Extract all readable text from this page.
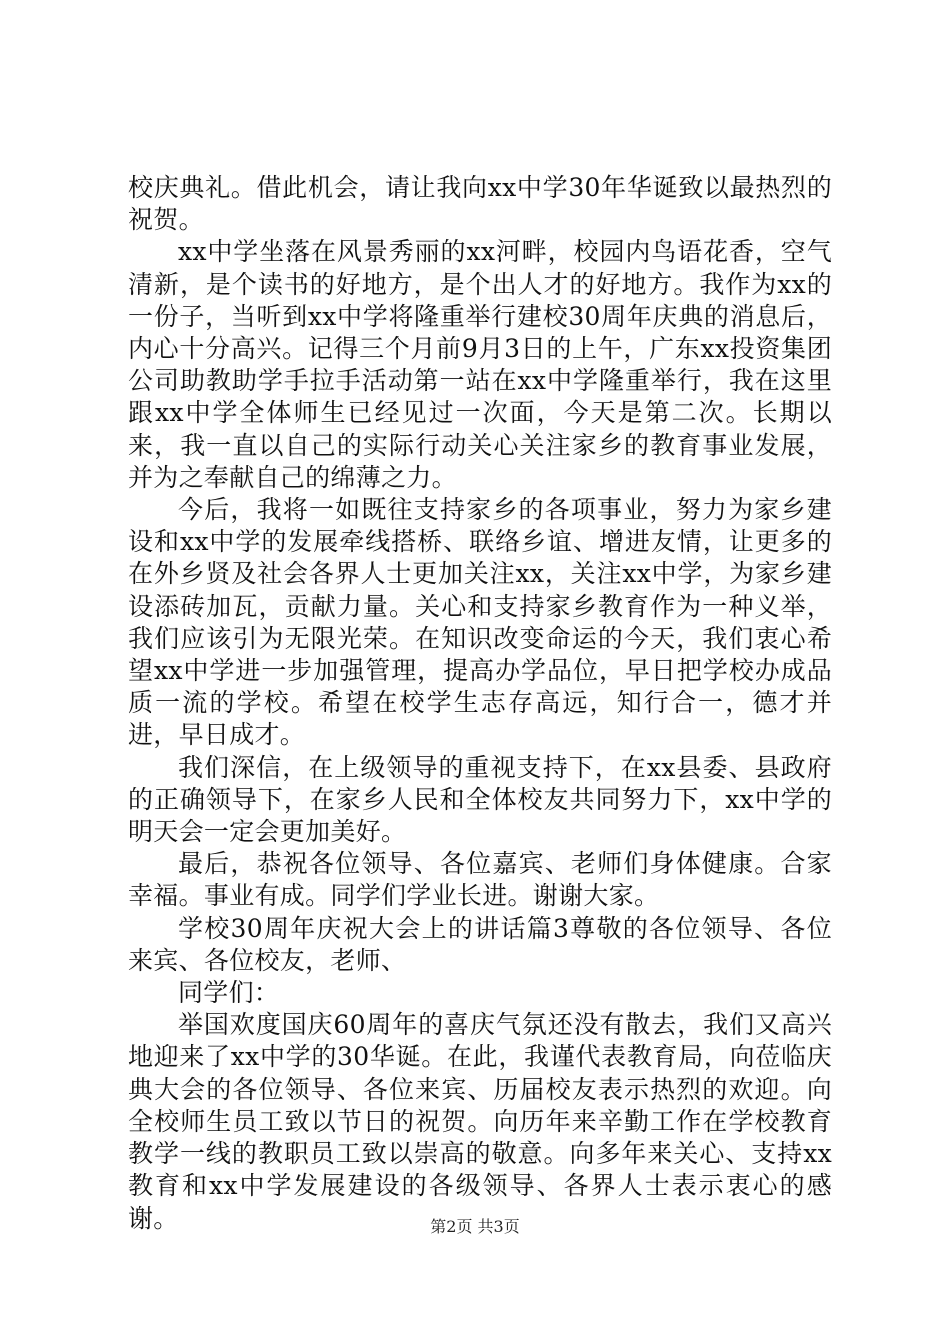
校庆典礼。借此机会，请让我向xx中学30年华诞致以最热烈的祝贺。

xx中学坐落在风景秀丽的xx河畔，校园内鸟语花香，空气清新，是个读书的好地方，是个出人才的好地方。我作为xx的一份子，当听到xx中学将隆重举行建校30周年庆典的消息后，内心十分高兴。记得三个月前9月3日的上午，广东xx投资集团公司助教助学手拉手活动第一站在xx中学隆重举行，我在这里跟xx中学全体师生已经见过一次面，今天是第二次。长期以来，我一直以自己的实际行动关心关注家乡的教育事业发展，并为之奉献自己的绵薄之力。

今后，我将一如既往支持家乡的各项事业，努力为家乡建设和xx中学的发展牵线搭桥、联络乡谊、增进友情，让更多的在外乡贤及社会各界人士更加关注xx，关注xx中学，为家乡建设添砖加瓦，贡献力量。关心和支持家乡教育作为一种义举，我们应该引为无限光荣。在知识改变命运的今天，我们衷心希望xx中学进一步加强管理，提高办学品位，早日把学校办成品质一流的学校。希望在校学生志存高远，知行合一，德才并进，早日成才。

我们深信，在上级领导的重视支持下，在xx县委、县政府的正确领导下，在家乡人民和全体校友共同努力下，xx中学的明天会一定会更加美好。

最后，恭祝各位领导、各位嘉宾、老师们身体健康。合家幸福。事业有成。同学们学业长进。谢谢大家。

学校30周年庆祝大会上的讲话篇3尊敬的各位领导、各位来宾、各位校友，老师、

同学们：

举国欢度国庆60周年的喜庆气氛还没有散去，我们又高兴地迎来了xx中学的30华诞。在此，我谨代表教育局，向莅临庆典大会的各位领导、各位来宾、历届校友表示热烈的欢迎。向全校师生员工致以节日的祝贺。向历年来辛勤工作在学校教育教学一线的教职员工致以崇高的敬意。向多年来关心、支持xx教育和xx中学发展建设的各级领导、各界人士表示衷心的感谢。	第2页 共3页
